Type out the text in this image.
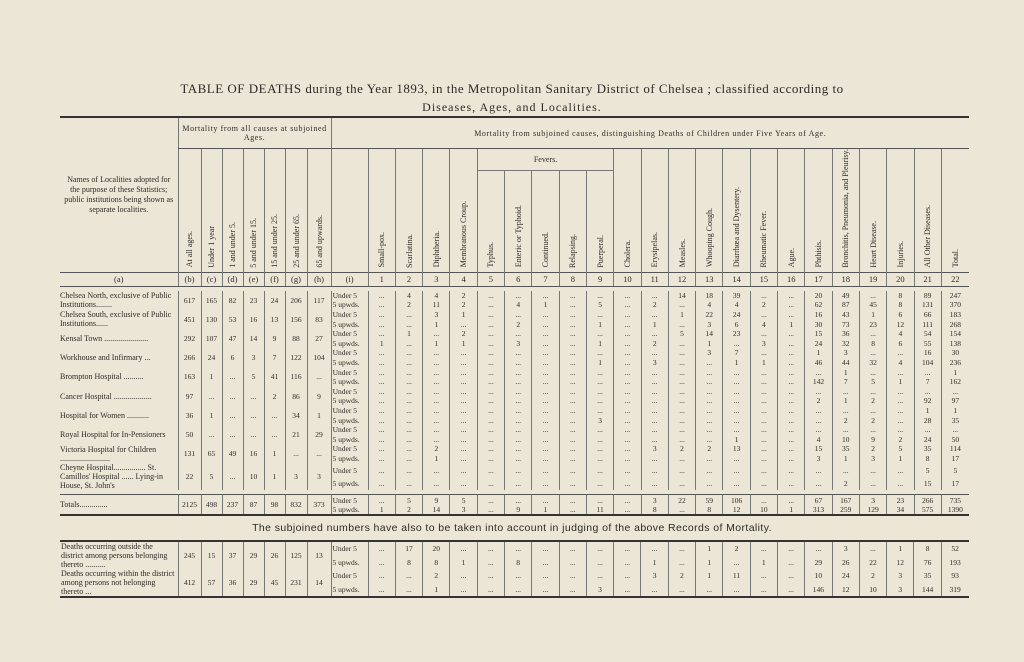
TABLE OF DEATHS during the Year 1893, in the Metropolitan Sanitary District of Chelsea ; classified according to
Diseases, Ages, and Localities.
Names of Localities adopted for the purpose of these Statistics; public institutions being shown as separate localities.	Mortality from all causes at subjoined Ages.							Mortality from subjoined causes, distinguishing Deaths of Children under Five Years of Age.																						
	At all ages.	Under 1 year	1 and under 5.	5 and under 15.	15 and under 25.	25 and under 65.	65 and upwards.		Small-pox.	Scarlatina.	Diphtheria.	Membranous Croup.	Fevers.					Cholera.	Erysipelas.	Measles.	Whooping Cough.	Diarrhœa and Dysentery.	Rheumatic Fever.	Ague.	Phthisis.	Bronchitis, Pneumonia, and Pleurisy.	Heart Disease.	Injuries.	All Other Diseases.	Total.
													Typhus.	Enteric or Typhoid.	Continued.	Relapsing.	Puerperal.													
(a)	(b)	(c)	(d)	(e)	(f)	(g)	(h)	(i)	1	2	3	4	5	6	7	8	9	10	11	12	13	14	15	16	17	18	19	20	21	22

Chelsea North, exclusive of Public Institutions........	617	165	82	23	24	206	117	Under 5	...	4	4	2	...	...	...	...	...	...	...	14	18	39	...	...	20	49	...	8	89	247
								5 upwds.	...	2	11	2	...	4	1	...	5	...	2	...	4	4	2	...	62	87	45	8	131	370
Chelsea South, exclusive of Public Institutions......	451	130	53	16	13	156	83	Under 5	...	...	3	1	...	...	...	...	...	...	...	1	22	24	...	...	16	43	1	6	66	183
								5 upwds.	...	...	1	...	...	2	...	...	1	...	1	...	3	6	4	1	30	73	23	12	111	268
Kensal Town ......................	292	107	47	14	9	88	27	Under 5	...	1	...	2	...	...	...	...	...	...	...	5	14	23	...	...	15	36	...	4	54	154
								5 upwds.	1	...	1	1	...	3	...	...	1	...	2	...	1	...	3	...	24	32	8	6	55	138
Workhouse and Infirmary ...	266	24	6	3	7	122	104	Under 5	...	...	...	...	...	...	...	...	...	...	...	...	3	7	...	...	1	3	...	...	16	30
								5 upwds.	...	...	...	...	...	...	...	...	1	...	3	...	...	1	1	...	46	44	32	4	104	236
Brompton Hospital ..........	163	1	...	5	41	116	...	Under 5	...	...	...	...	...	...	...	...	...	...	...	...	...	...	...	...	...	1	...	...	...	1
								5 upwds.	...	...	...	...	...	...	...	...	...	...	...	...	...	...	...	...	142	7	5	1	7	162
Cancer Hospital ...................	97	...	...	...	2	86	9	Under 5	...	...	...	...	...	...	...	...	...	...	...	...	...	...	...	...	...	...	...	...	...	...
								5 upwds.	...	...	...	...	...	...	...	...	...	...	...	...	...	...	...	...	2	1	2	...	92	97
Hospital for Women ...........	36	1	...	...	...	34	1	Under 5	...	...	...	...	...	...	...	...	...	...	...	...	...	...	...	...	...	...	...	...	1	1
								5 upwds.	...	...	...	...	...	...	...	...	3	...	...	...	...	...	...	...	...	2	2	...	28	35
Royal Hospital for In-Pensioners	50	...	...	...	...	21	29	Under 5	...	...	...	...	...	...	...	...	...	...	...	...	...	...	...	...	...	...	...	...	...	...
								5 upwds.	...	...	...	...	...	...	...	...	...	...	...	...	...	1	...	...	4	10	9	2	24	50
Victoria Hospital for Children .........................	131	65	49	16	1	...	...	Under 5	...	...	2	...	...	...	...	...	...	...	3	2	2	13	...	...	15	35	2	5	35	114
								5 upwds.	...	...	1	...	...	...	...	...	...	...	...	...	...	...	...	...	3	1	3	1	8	17
Cheyne Hospital................ St. Camillos' Hospital ...... Lying-in House, St. John's	22	5	...	10	1	3	3	Under 5	...	...	...	...	...	...	...	...	...	...	...	...	...	...	...	...	...	...	...	...	5	5
								5 upwds.	...	...	...	...	...	...	...	...	...	...	...	...	...	...	...	...	...	2	...	...	15	17

Totals..............	2125	498	237	87	98	832	373	Under 5	...	5	9	5	...	...	...	...	...	...	3	22	59	106	...	...	67	167	3	23	266	735
								5 upwds.	1	2	14	3	...	9	1	...	11	...	8	...	8	12	10	1	313	259	129	34	575	1390
The subjoined numbers have also to be taken into account in judging of the above Records of Mortality.
Deaths occurring outside the district among persons belonging thereto ..........	245	15	37	29	26	125	13	Under 5	...	17	20	...	...	...	...	...	...	...	...	...	1	2	...	...	...	3	...	1	8	52
								5 upwds.	...	8	8	1	...	8	...	...	...	...	1	...	1	...	1	...	29	26	22	12	76	193
Deaths occurring within the district among persons not belonging thereto ...	412	57	36	29	45	231	14	Under 5	...	...	2	...	...	...	...	...	...	...	3	2	1	11	...	...	10	24	2	3	35	93
								5 upwds.	...	...	1	...	...	...	...	...	3	...	...	...	...	...	...	...	146	12	10	3	144	319
